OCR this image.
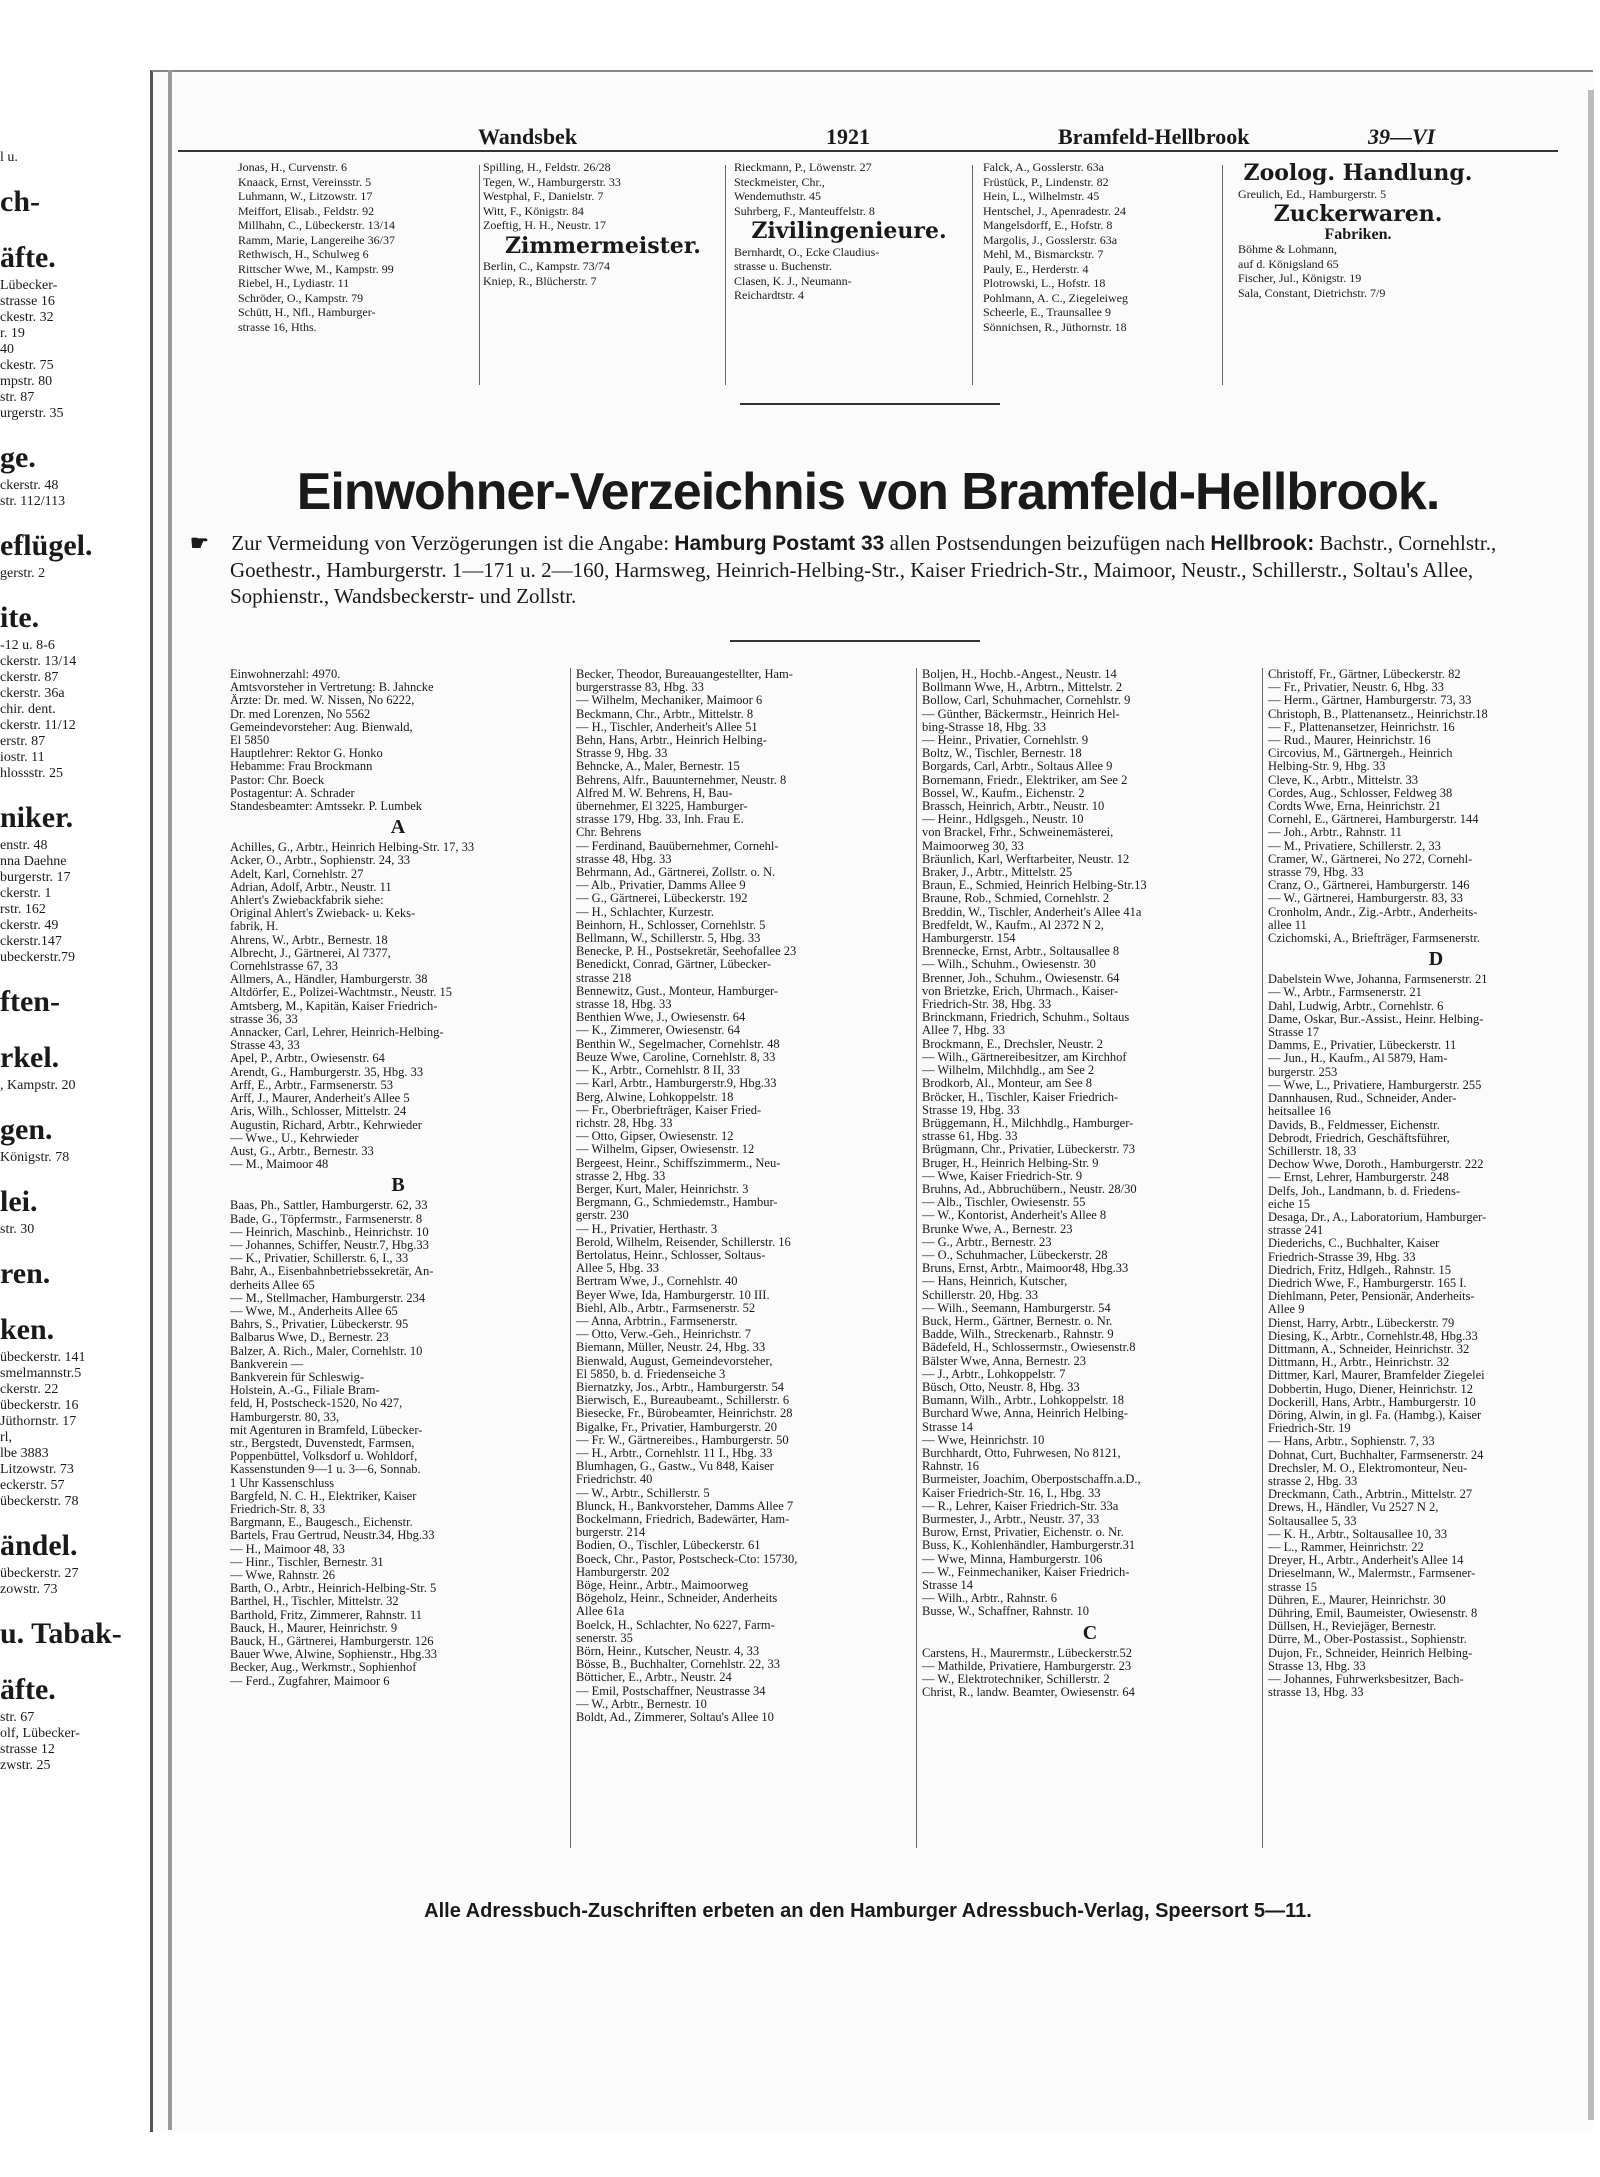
l u.
ch-
äfte.
Lübecker-
strasse 16
ckestr. 32
r. 19
40
ckestr. 75
mpstr. 80
str. 87
urgerstr. 35
ge.
ckerstr. 48
str. 112/113
eflügel.
gerstr. 2
ite.
-12 u. 8-6
ckerstr. 13/14
ckerstr. 87
ckerstr. 36a
chir. dent.
ckerstr. 11/12
erstr. 87
iostr. 11
hlossstr. 25
niker.
enstr. 48
nna Daehne
burgerstr. 17
ckerstr. 1
rstr. 162
ckerstr. 49
ckerstr.147
ubeckerstr.79
ften-
rkel.
, Kampstr. 20
gen.
Königstr. 78
lei.
str. 30
ren.
ken.
übeckerstr. 141
smelmannstr.5
ckerstr. 22
übeckerstr. 16
Jüthornstr. 17
rl,
lbe 3883
Litzowstr. 73
eckerstr. 57
übeckerstr. 78
ändel.
übeckerstr. 27
zowstr. 73
u. Tabak-
äfte.
str. 67
olf, Lübecker-
strasse 12
zwstr. 25
Wandsbek	1921	Bramfeld-Hellbrook	39—VI
Jonas, H., Curvenstr. 6
Knaack, Ernst, Vereinsstr. 5
Luhmann, W., Litzowstr. 17
Meiffort, Elisab., Feldstr. 92
Millhahn, C., Lübeckerstr. 13/14
Ramm, Marie, Langereihe 36/37
Rethwisch, H., Schulweg 6
Rittscher Wwe, M., Kampstr. 99
Riebel, H., Lydiastr. 11
Schröder, O., Kampstr. 79
Schütt, H., Nfl., Hamburger-
strasse 16, Hths.
Spilling, H., Feldstr. 26/28
Tegen, W., Hamburgerstr. 33
Westphal, F., Danielstr. 7
Witt, F., Königstr. 84
Zoeftig, H. H., Neustr. 17
Zimmermeister.
Berlin, C., Kampstr. 73/74
Kniep, R., Blücherstr. 7
Rieckmann, P., Löwenstr. 27
Steckmeister, Chr.,
Wendemuthstr. 45
Suhrberg, F., Manteuffelstr. 8
Zivilingenieure.
Bernhardt, O., Ecke Claudius-
strasse u. Buchenstr.
Clasen, K. J., Neumann-
Reichardtstr. 4
Falck, A., Gosslerstr. 63a
Früstück, P., Lindenstr. 82
Hein, L., Wilhelmstr. 45
Hentschel, J., Apenradestr. 24
Mangelsdorff, E., Hofstr. 8
Margolis, J., Gosslerstr. 63a
Mehl, M., Bismarckstr. 7
Pauly, E., Herderstr. 4
Plotrowski, L., Hofstr. 18
Pohlmann, A. C., Ziegeleiweg
Scheerle, E., Traunsallee 9
Sönnichsen, R., Jüthornstr. 18
Zoolog. Handlung.
Greulich, Ed., Hamburgerstr. 5
Zuckerwaren.
Fabriken.
Böhme & Lohmann,
auf d. Königsland 65
Fischer, Jul., Königstr. 19
Sala, Constant, Dietrichstr. 7/9
Einwohner-Verzeichnis von Bramfeld-Hellbrook.
☛ Zur Vermeidung von Verzögerungen ist die Angabe: Hamburg Postamt 33 allen Postsendungen beizufügen nach Hellbrook: Bachstr., Cornehlstr., Goethestr., Hamburgerstr. 1—171 u. 2—160, Harmsweg, Heinrich-Helbing-Str., Kaiser Friedrich-Str., Maimoor, Neustr., Schillerstr., Soltau's Allee, Sophienstr., Wandsbeckerstr- und Zollstr.
Einwohnerzahl: 4970.
Amtsvorsteher in Vertretung: B. Jahncke
Ärzte: Dr. med. W. Nissen, No 6222,
Dr. med Lorenzen, No 5562
Gemeindevorsteher: Aug. Bienwald,
El 5850
Hauptlehrer: Rektor G. Honko
Hebamme: Frau Brockmann
Pastor: Chr. Boeck
Postagentur: A. Schrader
Standesbeamter: Amtssekr. P. Lumbek
A
Achilles, G., Arbtr., Heinrich Helbing-Str. 17, 33
Acker, O., Arbtr., Sophienstr. 24, 33
Adelt, Karl, Cornehlstr. 27
Adrian, Adolf, Arbtr., Neustr. 11
Ahlert's Zwiebackfabrik siehe:
Original Ahlert's Zwieback- u. Keks-
fabrik, H.
Ahrens, W., Arbtr., Bernestr. 18
Albrecht, J., Gärtnerei, Al 7377,
Cornehlstrasse 67, 33
Allmers, A., Händler, Hamburgerstr. 38
Altdörfer, E., Polizei-Wachtmstr., Neustr. 15
Amtsberg, M., Kapitän, Kaiser Friedrich-
strasse 36, 33
Annacker, Carl, Lehrer, Heinrich-Helbing-
Strasse 43, 33
Apel, P., Arbtr., Owiesenstr. 64
Arendt, G., Hamburgerstr. 35, Hbg. 33
Arff, E., Arbtr., Farmsenerstr. 53
Arff, J., Maurer, Anderheit's Allee 5
Aris, Wilh., Schlosser, Mittelstr. 24
Augustin, Richard, Arbtr., Kehrwieder
— Wwe., U., Kehrwieder
Aust, G., Arbtr., Bernestr. 33
— M., Maimoor 48
B
Baas, Ph., Sattler, Hamburgerstr. 62, 33
Bade, G., Töpfermstr., Farmsenerstr. 8
— Heinrich, Maschinb., Heinrichstr. 10
— Johannes, Schiffer, Neustr.7, Hbg.33
— K., Privatier, Schillerstr. 6, I., 33
Bahr, A., Eisenbahnbetriebssekretär, An-
derheits Allee 65
— M., Stellmacher, Hamburgerstr. 234
— Wwe, M., Anderheits Allee 65
Bahrs, S., Privatier, Lübeckerstr. 95
Balbarus Wwe, D., Bernestr. 23
Balzer, A. Rich., Maler, Cornehlstr. 10
Bankverein —
Bankverein für Schleswig-
Holstein, A.-G., Filiale Bram-
feld, H, Postscheck-1520, No 427,
Hamburgerstr. 80, 33,
mit Agenturen in Bramfeld, Lübecker-
str., Bergstedt, Duvenstedt, Farmsen,
Poppenbüttel, Volksdorf u. Wohldorf,
Kassenstunden 9—1 u. 3—6, Sonnab.
1 Uhr Kassenschluss
Bargfeld, N. C. H., Elektriker, Kaiser
Friedrich-Str. 8, 33
Bargmann, E., Baugesch., Eichenstr.
Bartels, Frau Gertrud, Neustr.34, Hbg.33
— H., Maimoor 48, 33
— Hinr., Tischler, Bernestr. 31
— Wwe, Rahnstr. 26
Barth, O., Arbtr., Heinrich-Helbing-Str. 5
Barthel, H., Tischler, Mittelstr. 32
Barthold, Fritz, Zimmerer, Rahnstr. 11
Bauck, H., Maurer, Heinrichstr. 9
Bauck, H., Gärtnerei, Hamburgerstr. 126
Bauer Wwe, Alwine, Sophienstr., Hbg.33
Becker, Aug., Werkmstr., Sophienhof
— Ferd., Zugfahrer, Maimoor 6
Becker, Theodor, Bureauangestellter, Ham-
burgerstrasse 83, Hbg. 33
— Wilhelm, Mechaniker, Maimoor 6
Beckmann, Chr., Arbtr., Mittelstr. 8
— H., Tischler, Anderheit's Allee 51
Behn, Hans, Arbtr., Heinrich Helbing-
Strasse 9, Hbg. 33
Behncke, A., Maler, Bernestr. 15
Behrens, Alfr., Bauunternehmer, Neustr. 8
Alfred M. W. Behrens, H, Bau-
übernehmer, El 3225, Hamburger-
strasse 179, Hbg. 33, Inh. Frau E.
Chr. Behrens
— Ferdinand, Bauübernehmer, Cornehl-
strasse 48, Hbg. 33
Behrmann, Ad., Gärtnerei, Zollstr. o. N.
— Alb., Privatier, Damms Allee 9
— G., Gärtnerei, Lübeckerstr. 192
— H., Schlachter, Kurzestr.
Beinhorn, H., Schlosser, Cornehlstr. 5
Bellmann, W., Schillerstr. 5, Hbg. 33
Benecke, P. H., Postsekretär, Seehofallee 23
Benedickt, Conrad, Gärtner, Lübecker-
strasse 218
Bennewitz, Gust., Monteur, Hamburger-
strasse 18, Hbg. 33
Benthien Wwe, J., Owiesenstr. 64
— K., Zimmerer, Owiesenstr. 64
Benthin W., Segelmacher, Cornehlstr. 48
Beuze Wwe, Caroline, Cornehlstr. 8, 33
— K., Arbtr., Cornehlstr. 8 II, 33
— Karl, Arbtr., Hamburgerstr.9, Hbg.33
Berg, Alwine, Lohkoppelstr. 18
— Fr., Oberbriefträger, Kaiser Fried-
richstr. 28, Hbg. 33
— Otto, Gipser, Owiesenstr. 12
— Wilhelm, Gipser, Owiesenstr. 12
Bergeest, Heinr., Schiffszimmerm., Neu-
strasse 2, Hbg. 33
Berger, Kurt, Maler, Heinrichstr. 3
Bergmann, G., Schmiedemstr., Hambur-
gerstr. 230
— H., Privatier, Herthastr. 3
Berold, Wilhelm, Reisender, Schillerstr. 16
Bertolatus, Heinr., Schlosser, Soltaus-
Allee 5, Hbg. 33
Bertram Wwe, J., Cornehlstr. 40
Beyer Wwe, Ida, Hamburgerstr. 10 III.
Biehl, Alb., Arbtr., Farmsenerstr. 52
— Anna, Arbtrin., Farmsenerstr.
— Otto, Verw.-Geh., Heinrichstr. 7
Biemann, Müller, Neustr. 24, Hbg. 33
Bienwald, August, Gemeindevorsteher,
El 5850, b. d. Friedenseiche 3
Biernatzky, Jos., Arbtr., Hamburgerstr. 54
Bierwisch, E., Bureaubeamt., Schillerstr. 6
Biesecke, Fr., Bürobeamter, Heinrichstr. 28
Bigalke, Fr., Privatier, Hamburgerstr. 20
— Fr. W., Gärtnereibes., Hamburgerstr. 50
— H., Arbtr., Cornehlstr. 11 I., Hbg. 33
Blumhagen, G., Gastw., Vu 848, Kaiser
Friedrichstr. 40
— W., Arbtr., Schillerstr. 5
Blunck, H., Bankvorsteher, Damms Allee 7
Bockelmann, Friedrich, Badewärter, Ham-
burgerstr. 214
Bodien, O., Tischler, Lübeckerstr. 61
Boeck, Chr., Pastor, Postscheck-Cto: 15730,
Hamburgerstr. 202
Böge, Heinr., Arbtr., Maimoorweg
Bögeholz, Heinr., Schneider, Anderheits
Allee 61a
Boelck, H., Schlachter, No 6227, Farm-
senerstr. 35
Börn, Heinr., Kutscher, Neustr. 4, 33
Bösse, B., Buchhalter, Cornehlstr. 22, 33
Bötticher, E., Arbtr., Neustr. 24
— Emil, Postschaffner, Neustrasse 34
— W., Arbtr., Bernestr. 10
Boldt, Ad., Zimmerer, Soltau's Allee 10
Boljen, H., Hochb.-Angest., Neustr. 14
Bollmann Wwe, H., Arbtrn., Mittelstr. 2
Bollow, Carl, Schuhmacher, Cornehlstr. 9
— Günther, Bäckermstr., Heinrich Hel-
bing-Strasse 18, Hbg. 33
— Heinr., Privatier, Cornehlstr. 9
Boltz, W., Tischler, Bernestr. 18
Borgards, Carl, Arbtr., Soltaus Allee 9
Bornemann, Friedr., Elektriker, am See 2
Bossel, W., Kaufm., Eichenstr. 2
Brassch, Heinrich, Arbtr., Neustr. 10
— Heinr., Hdlgsgeh., Neustr. 10
von Brackel, Frhr., Schweinemästerei,
Maimoorweg 30, 33
Bräunlich, Karl, Werftarbeiter, Neustr. 12
Braker, J., Arbtr., Mittelstr. 25
Braun, E., Schmied, Heinrich Helbing-Str.13
Braune, Rob., Schmied, Cornehlstr. 2
Breddin, W., Tischler, Anderheit's Allee 41a
Bredfeldt, W., Kaufm., Al 2372 N 2,
Hamburgerstr. 154
Brennecke, Ernst, Arbtr., Soltausallee 8
— Wilh., Schuhm., Owiesenstr. 30
Brenner, Joh., Schuhm., Owiesenstr. 64
von Brietzke, Erich, Uhrmach., Kaiser-
Friedrich-Str. 38, Hbg. 33
Brinckmann, Friedrich, Schuhm., Soltaus
Allee 7, Hbg. 33
Brockmann, E., Drechsler, Neustr. 2
— Wilh., Gärtnereibesitzer, am Kirchhof
— Wilhelm, Milchhdlg., am See 2
Brodkorb, Al., Monteur, am See 8
Bröcker, H., Tischler, Kaiser Friedrich-
Strasse 19, Hbg. 33
Brüggemann, H., Milchhdlg., Hamburger-
strasse 61, Hbg. 33
Brügmann, Chr., Privatier, Lübeckerstr. 73
Bruger, H., Heinrich Helbing-Str. 9
— Wwe, Kaiser Friedrich-Str. 9
Bruhns, Ad., Abbruchübern., Neustr. 28/30
— Alb., Tischler, Owiesenstr. 55
— W., Kontorist, Anderheit's Allee 8
Brunke Wwe, A., Bernestr. 23
— G., Arbtr., Bernestr. 23
— O., Schuhmacher, Lübeckerstr. 28
Bruns, Ernst, Arbtr., Maimoor48, Hbg.33
— Hans, Heinrich, Kutscher,
Schillerstr. 20, Hbg. 33
— Wilh., Seemann, Hamburgerstr. 54
Buck, Herm., Gärtner, Bernestr. o. Nr.
Badde, Wilh., Streckenarb., Rahnstr. 9
Bädefeld, H., Schlossermstr., Owiesenstr.8
Bälster Wwe, Anna, Bernestr. 23
— J., Arbtr., Lohkoppelstr. 7
Büsch, Otto, Neustr. 8, Hbg. 33
Bumann, Wilh., Arbtr., Lohkoppelstr. 18
Burchard Wwe, Anna, Heinrich Helbing-
Strasse 14
— Wwe, Heinrichstr. 10
Burchhardt, Otto, Fuhrwesen, No 8121,
Rahnstr. 16
Burmeister, Joachim, Oberpostschaffn.a.D.,
Kaiser Friedrich-Str. 16, I., Hbg. 33
— R., Lehrer, Kaiser Friedrich-Str. 33a
Burmester, J., Arbtr., Neustr. 37, 33
Burow, Ernst, Privatier, Eichenstr. o. Nr.
Buss, K., Kohlenhändler, Hamburgerstr.31
— Wwe, Minna, Hamburgerstr. 106
— W., Feinmechaniker, Kaiser Friedrich-
Strasse 14
— Wilh., Arbtr., Rahnstr. 6
Busse, W., Schaffner, Rahnstr. 10
C
Carstens, H., Maurermstr., Lübeckerstr.52
— Mathilde, Privatiere, Hamburgerstr. 23
— W., Elektrotechniker, Schillerstr. 2
Christ, R., landw. Beamter, Owiesenstr. 64
Christoff, Fr., Gärtner, Lübeckerstr. 82
— Fr., Privatier, Neustr. 6, Hbg. 33
— Herm., Gärtner, Hamburgerstr. 73, 33
Christoph, B., Plattenansetz., Heinrichstr.18
— F., Plattenansetzer, Heinrichstr. 16
— Rud., Maurer, Heinrichstr. 16
Circovius, M., Gärtnergeh., Heinrich
Helbing-Str. 9, Hbg. 33
Cleve, K., Arbtr., Mittelstr. 33
Cordes, Aug., Schlosser, Feldweg 38
Cordts Wwe, Erna, Heinrichstr. 21
Cornehl, E., Gärtnerei, Hamburgerstr. 144
— Joh., Arbtr., Rahnstr. 11
— M., Privatiere, Schillerstr. 2, 33
Cramer, W., Gärtnerei, No 272, Cornehl-
strasse 79, Hbg. 33
Cranz, O., Gärtnerei, Hamburgerstr. 146
— W., Gärtnerei, Hamburgerstr. 83, 33
Cronholm, Andr., Zig.-Arbtr., Anderheits-
allee 11
Czichomski, A., Briefträger, Farmsenerstr.
D
Dabelstein Wwe, Johanna, Farmsenerstr. 21
— W., Arbtr., Farmsenerstr. 21
Dahl, Ludwig, Arbtr., Cornehlstr. 6
Dame, Oskar, Bur.-Assist., Heinr. Helbing-
Strasse 17
Damms, E., Privatier, Lübeckerstr. 11
— Jun., H., Kaufm., Al 5879, Ham-
burgerstr. 253
— Wwe, L., Privatiere, Hamburgerstr. 255
Dannhausen, Rud., Schneider, Ander-
heitsallee 16
Davids, B., Feldmesser, Eichenstr.
Debrodt, Friedrich, Geschäftsführer,
Schillerstr. 18, 33
Dechow Wwe, Doroth., Hamburgerstr. 222
— Ernst, Lehrer, Hamburgerstr. 248
Delfs, Joh., Landmann, b. d. Friedens-
eiche 15
Desaga, Dr., A., Laboratorium, Hamburger-
strasse 241
Diederichs, C., Buchhalter, Kaiser
Friedrich-Strasse 39, Hbg. 33
Diedrich, Fritz, Hdlgeh., Rahnstr. 15
Diedrich Wwe, F., Hamburgerstr. 165 I.
Diehlmann, Peter, Pensionär, Anderheits-
Allee 9
Dienst, Harry, Arbtr., Lübeckerstr. 79
Diesing, K., Arbtr., Cornehlstr.48, Hbg.33
Dittmann, A., Schneider, Heinrichstr. 32
Dittmann, H., Arbtr., Heinrichstr. 32
Dittmer, Karl, Maurer, Bramfelder Ziegelei
Dobbertin, Hugo, Diener, Heinrichstr. 12
Dockerill, Hans, Arbtr., Hamburgerstr. 10
Döring, Alwin, in gl. Fa. (Hambg.), Kaiser
Friedrich-Str. 19
— Hans, Arbtr., Sophienstr. 7, 33
Dohnat, Curt, Buchhalter, Farmsenerstr. 24
Drechsler, M. O., Elektromonteur, Neu-
strasse 2, Hbg. 33
Dreckmann, Cath., Arbtrin., Mittelstr. 27
Drews, H., Händler, Vu 2527 N 2,
Soltausallee 5, 33
— K. H., Arbtr., Soltausallee 10, 33
— L., Rammer, Heinrichstr. 22
Dreyer, H., Arbtr., Anderheit's Allee 14
Drieselmann, W., Malermstr., Farmsener-
strasse 15
Dühren, E., Maurer, Heinrichstr. 30
Dühring, Emil, Baumeister, Owiesenstr. 8
Düllsen, H., Reviejäger, Bernestr.
Dürre, M., Ober-Postassist., Sophienstr.
Dujon, Fr., Schneider, Heinrich Helbing-
Strasse 13, Hbg. 33
— Johannes, Fuhrwerksbesitzer, Bach-
strasse 13, Hbg. 33
Alle Adressbuch-Zuschriften erbeten an den Hamburger Adressbuch-Verlag, Speersort 5—11.
